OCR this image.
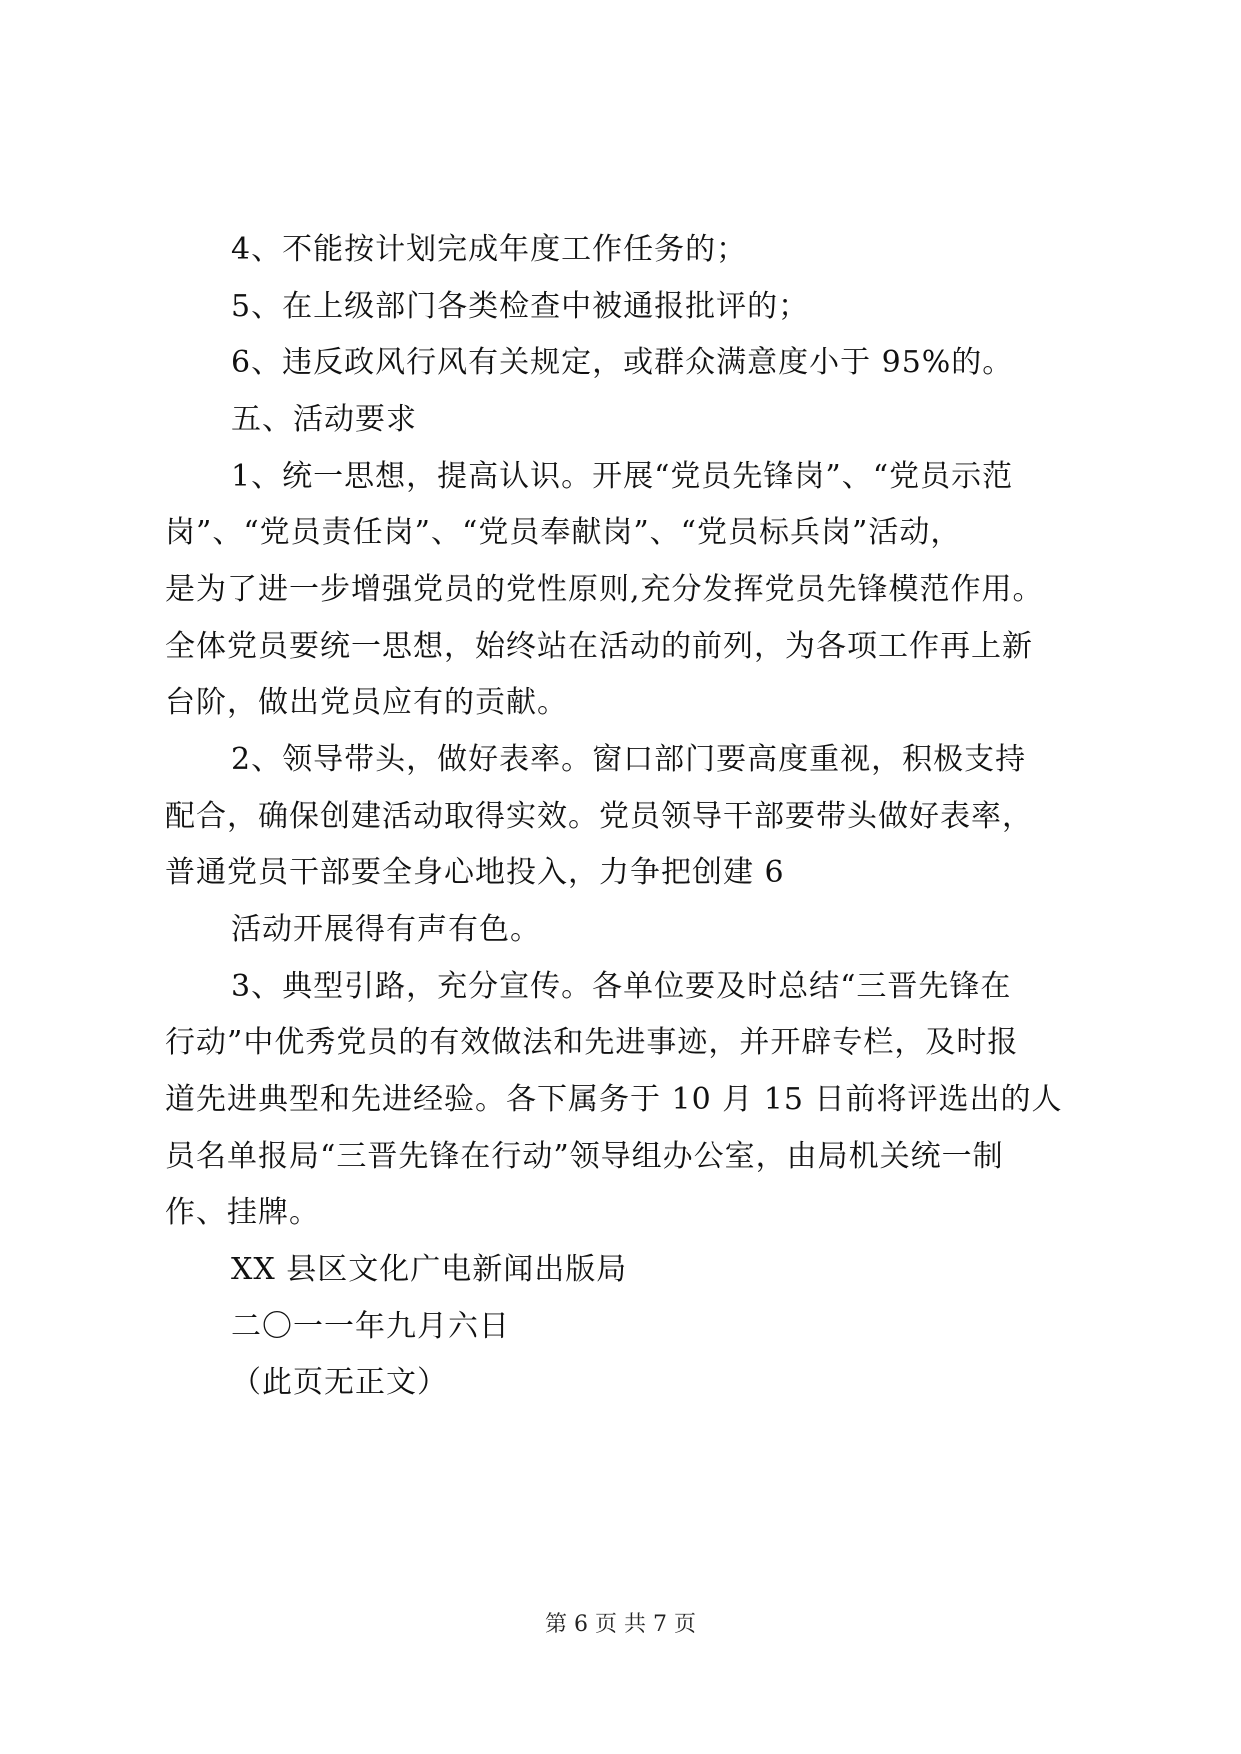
4、不能按计划完成年度工作任务的；
5、在上级部门各类检查中被通报批评的；
6、违反政风行风有关规定，或群众满意度小于 95%的。
五、活动要求
1、统一思想，提高认识。开展“党员先锋岗”、“党员示范
岗”、“党员责任岗”、“党员奉献岗”、“党员标兵岗”活动，
是为了进一步增强党员的党性原则,充分发挥党员先锋模范作用。
全体党员要统一思想，始终站在活动的前列，为各项工作再上新
台阶，做出党员应有的贡献。
2、领导带头，做好表率。窗口部门要高度重视，积极支持
配合，确保创建活动取得实效。党员领导干部要带头做好表率，
普通党员干部要全身心地投入，力争把创建 6
活动开展得有声有色。
3、典型引路，充分宣传。各单位要及时总结“三晋先锋在
行动”中优秀党员的有效做法和先进事迹，并开辟专栏，及时报
道先进典型和先进经验。各下属务于 10 月 15 日前将评选出的人
员名单报局“三晋先锋在行动”领导组办公室，由局机关统一制
作、挂牌。
XX 县区文化广电新闻出版局
二〇一一年九月六日
（此页无正文）
第 6 页 共 7 页
